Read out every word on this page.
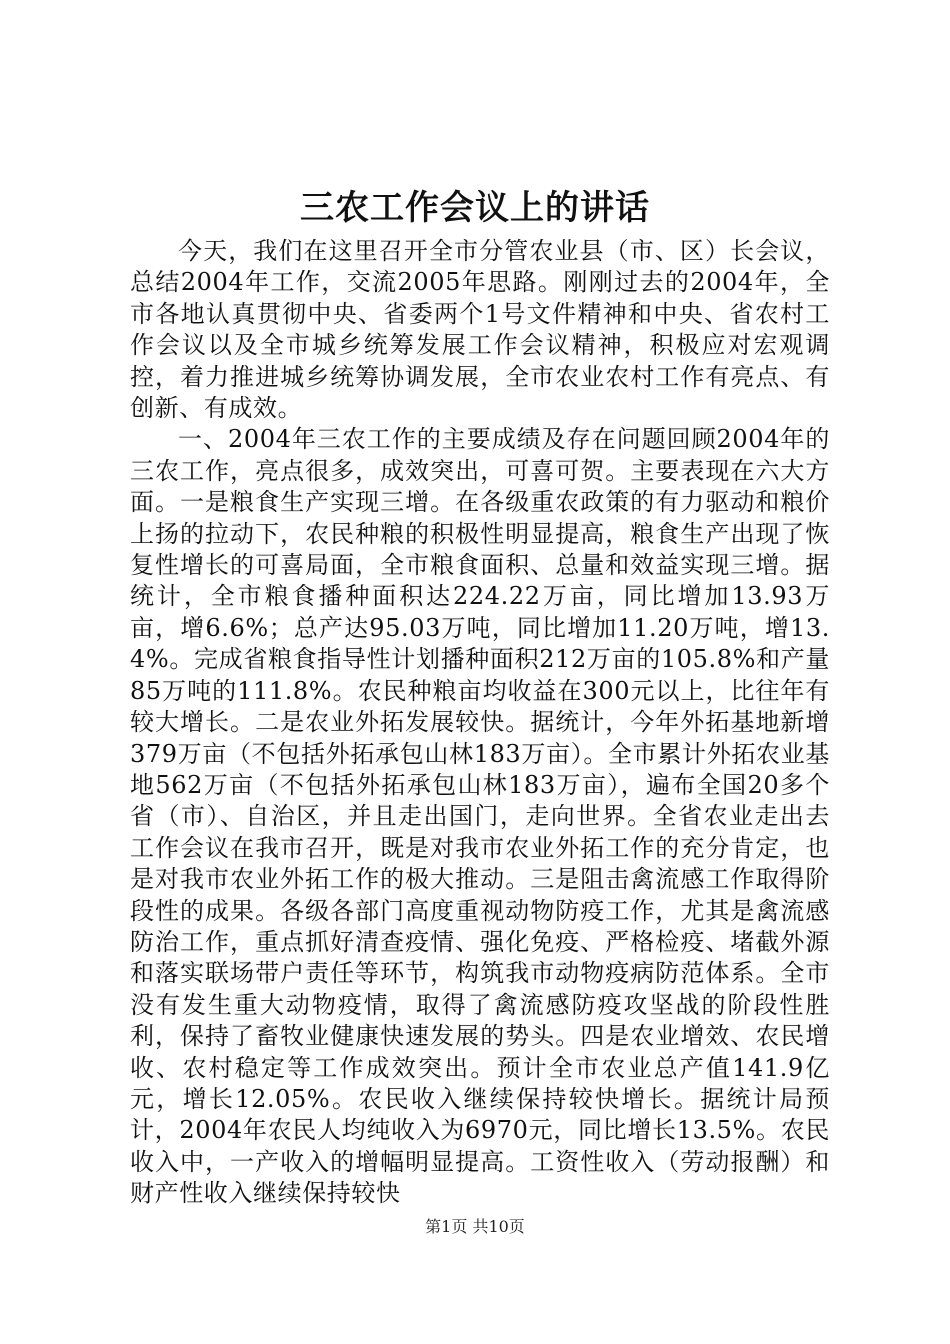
三农工作会议上的讲话

今天，我们在这里召开全市分管农业县（市、区）长会议，总结2004年工作，交流2005年思路。刚刚过去的2004年，全市各地认真贯彻中央、省委两个1号文件精神和中央、省农村工作会议以及全市城乡统筹发展工作会议精神，积极应对宏观调控，着力推进城乡统筹协调发展，全市农业农村工作有亮点、有创新、有成效。

一、2004年三农工作的主要成绩及存在问题回顾2004年的三农工作，亮点很多，成效突出，可喜可贺。主要表现在六大方面。一是粮食生产实现三增。在各级重农政策的有力驱动和粮价上扬的拉动下，农民种粮的积极性明显提高，粮食生产出现了恢复性增长的可喜局面，全市粮食面积、总量和效益实现三增。据统计，全市粮食播种面积达224.22万亩，同比增加13.93万亩，增6.6%；总产达95.03万吨，同比增加11.20万吨，增13.4%。完成省粮食指导性计划播种面积212万亩的105.8%和产量85万吨的111.8%。农民种粮亩均收益在300元以上，比往年有较大增长。二是农业外拓发展较快。据统计，今年外拓基地新增379万亩（不包括外拓承包山林183万亩）。全市累计外拓农业基地562万亩（不包括外拓承包山林183万亩），遍布全国20多个省（市）、自治区，并且走出国门，走向世界。全省农业走出去工作会议在我市召开，既是对我市农业外拓工作的充分肯定，也是对我市农业外拓工作的极大推动。三是阻击禽流感工作取得阶段性的成果。各级各部门高度重视动物防疫工作，尤其是禽流感防治工作，重点抓好清查疫情、强化免疫、严格检疫、堵截外源和落实联场带户责任等环节，构筑我市动物疫病防范体系。全市没有发生重大动物疫情，取得了禽流感防疫攻坚战的阶段性胜利，保持了畜牧业健康快速发展的势头。四是农业增效、农民增收、农村稳定等工作成效突出。预计全市农业总产值141.9亿元，增长12.05%。农民收入继续保持较快增长。据统计局预计，2004年农民人均纯收入为6970元，同比增长13.5%。农民收入中，一产收入的增幅明显提高。工资性收入（劳动报酬）和财产性收入继续保持较快

第1页 共10页
